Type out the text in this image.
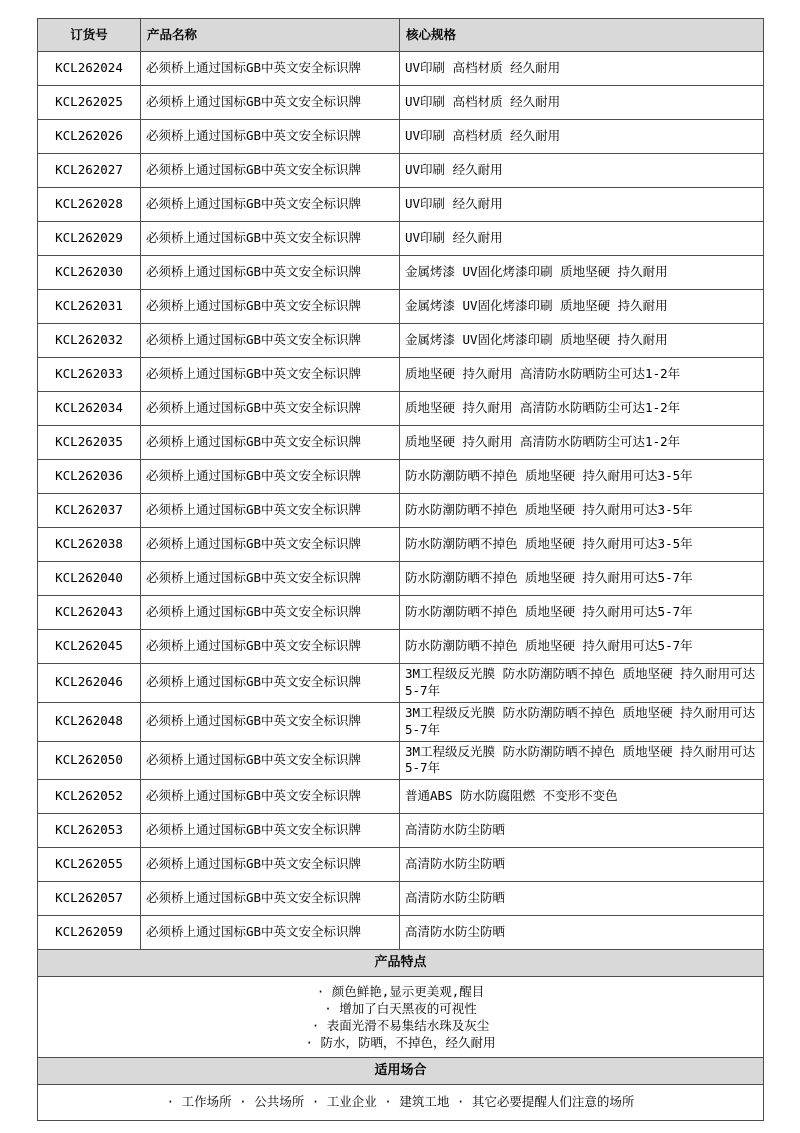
订货号	产品名称	核心规格
KCL262024	必须桥上通过国标GB中英文安全标识牌	UV印刷 高档材质 经久耐用
KCL262025	必须桥上通过国标GB中英文安全标识牌	UV印刷 高档材质 经久耐用
KCL262026	必须桥上通过国标GB中英文安全标识牌	UV印刷 高档材质 经久耐用
KCL262027	必须桥上通过国标GB中英文安全标识牌	UV印刷 经久耐用
KCL262028	必须桥上通过国标GB中英文安全标识牌	UV印刷 经久耐用
KCL262029	必须桥上通过国标GB中英文安全标识牌	UV印刷 经久耐用
KCL262030	必须桥上通过国标GB中英文安全标识牌	金属烤漆 UV固化烤漆印刷 质地坚硬 持久耐用
KCL262031	必须桥上通过国标GB中英文安全标识牌	金属烤漆 UV固化烤漆印刷 质地坚硬 持久耐用
KCL262032	必须桥上通过国标GB中英文安全标识牌	金属烤漆 UV固化烤漆印刷 质地坚硬 持久耐用
KCL262033	必须桥上通过国标GB中英文安全标识牌	质地坚硬 持久耐用 高清防水防晒防尘可达1-2年
KCL262034	必须桥上通过国标GB中英文安全标识牌	质地坚硬 持久耐用 高清防水防晒防尘可达1-2年
KCL262035	必须桥上通过国标GB中英文安全标识牌	质地坚硬 持久耐用 高清防水防晒防尘可达1-2年
KCL262036	必须桥上通过国标GB中英文安全标识牌	防水防潮防晒不掉色 质地坚硬 持久耐用可达3-5年
KCL262037	必须桥上通过国标GB中英文安全标识牌	防水防潮防晒不掉色 质地坚硬 持久耐用可达3-5年
KCL262038	必须桥上通过国标GB中英文安全标识牌	防水防潮防晒不掉色 质地坚硬 持久耐用可达3-5年
KCL262040	必须桥上通过国标GB中英文安全标识牌	防水防潮防晒不掉色 质地坚硬 持久耐用可达5-7年
KCL262043	必须桥上通过国标GB中英文安全标识牌	防水防潮防晒不掉色 质地坚硬 持久耐用可达5-7年
KCL262045	必须桥上通过国标GB中英文安全标识牌	防水防潮防晒不掉色 质地坚硬 持久耐用可达5-7年
KCL262046	必须桥上通过国标GB中英文安全标识牌	3M工程级反光膜 防水防潮防晒不掉色 质地坚硬 持久耐用可达5-7年
KCL262048	必须桥上通过国标GB中英文安全标识牌	3M工程级反光膜 防水防潮防晒不掉色 质地坚硬 持久耐用可达5-7年
KCL262050	必须桥上通过国标GB中英文安全标识牌	3M工程级反光膜 防水防潮防晒不掉色 质地坚硬 持久耐用可达5-7年
KCL262052	必须桥上通过国标GB中英文安全标识牌	普通ABS 防水防腐阻燃 不变形不变色
KCL262053	必须桥上通过国标GB中英文安全标识牌	高清防水防尘防晒
KCL262055	必须桥上通过国标GB中英文安全标识牌	高清防水防尘防晒
KCL262057	必须桥上通过国标GB中英文安全标识牌	高清防水防尘防晒
KCL262059	必须桥上通过国标GB中英文安全标识牌	高清防水防尘防晒
产品特点		

· 颜色鲜艳,显示更美观,醒目
· 增加了白天黑夜的可视性
· 表面光滑不易集结水珠及灰尘
· 防水，防晒，不掉色，经久耐用		

适用场合		
· 工作场所 · 公共场所 · 工业企业 · 建筑工地 · 其它必要提醒人们注意的场所		
